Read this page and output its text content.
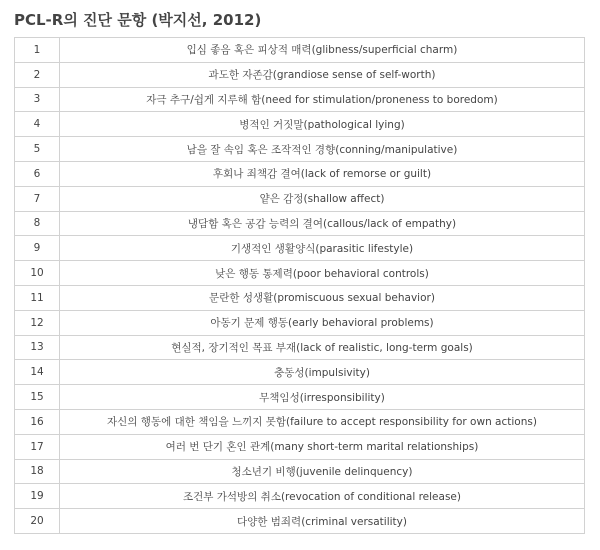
PCL-R의 진단 문항 (박지선, 2012)
1	입심 좋음 혹은 피상적 매력(glibness/superficial charm)
2	과도한 자존감(grandiose sense of self-worth)
3	자극 추구/쉽게 지루해 함(need for stimulation/proneness to boredom)
4	병적인 거짓말(pathological lying)
5	남을 잘 속임 혹은 조작적인 경향(conning/manipulative)
6	후회나 죄책감 결여(lack of remorse or guilt)
7	얕은 감정(shallow affect)
8	냉담함 혹은 공감 능력의 결여(callous/lack of empathy)
9	기생적인 생활양식(parasitic lifestyle)
10	낮은 행동 통제력(poor behavioral controls)
11	문란한 성생활(promiscuous sexual behavior)
12	아동기 문제 행동(early behavioral problems)
13	현실적, 장기적인 목표 부재(lack of realistic, long-term goals)
14	충동성(impulsivity)
15	무책임성(irresponsibility)
16	자신의 행동에 대한 책임을 느끼지 못함(failure to accept responsibility for own actions)
17	여러 번 단기 혼인 관계(many short-term marital relationships)
18	청소년기 비행(juvenile delinquency)
19	조건부 가석방의 취소(revocation of conditional release)
20	다양한 범죄력(criminal versatility)
